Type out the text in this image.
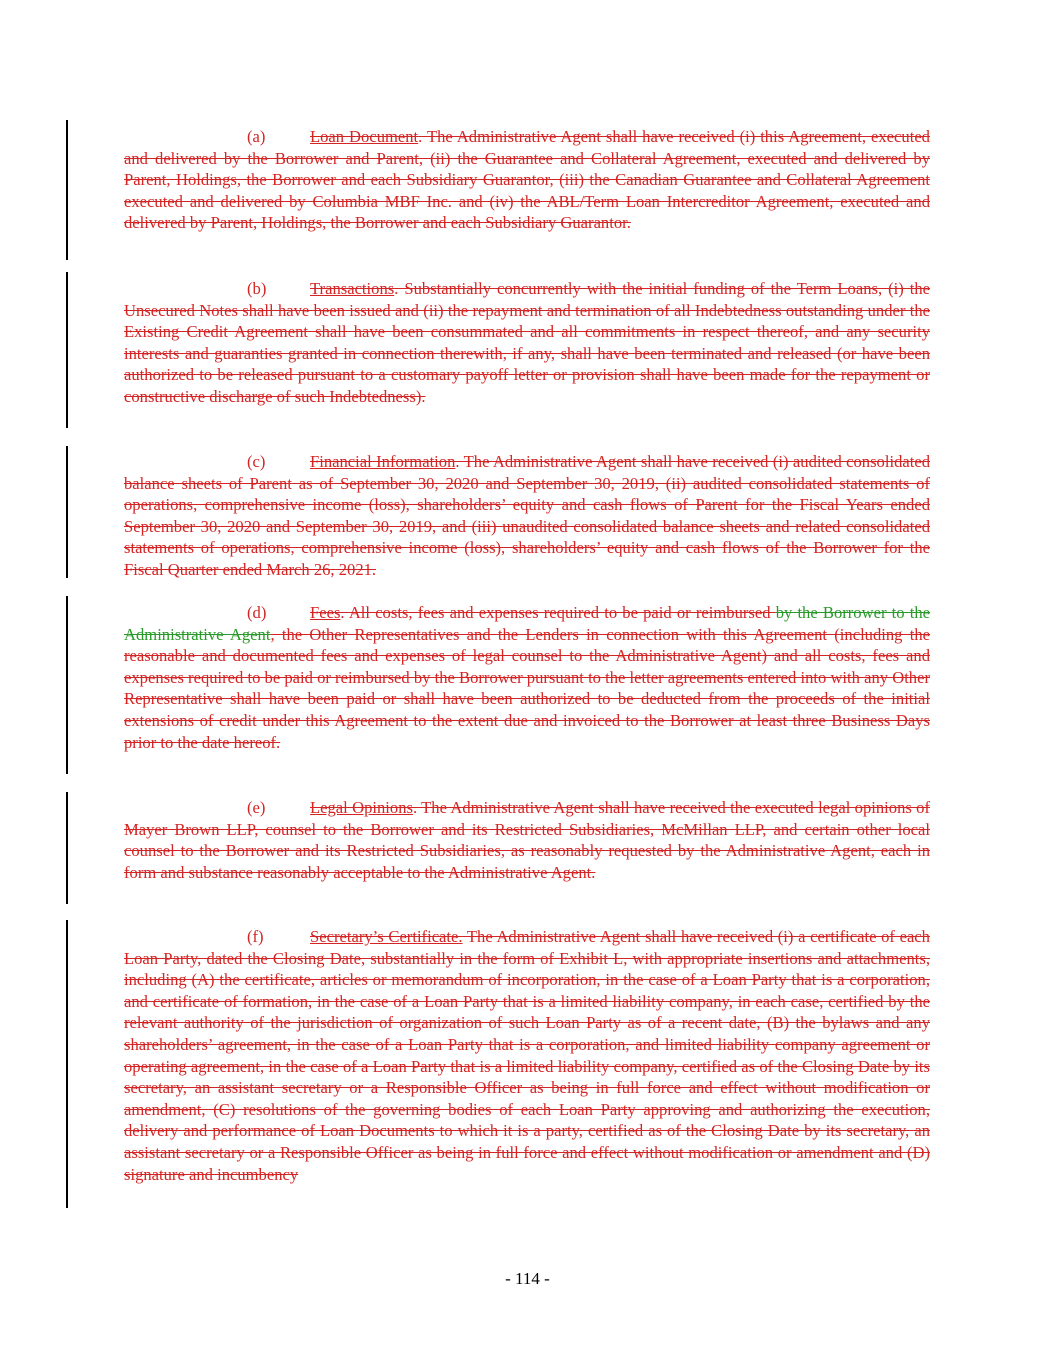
(a)	Loan Document. The Administrative Agent shall have received (i) this Agreement, executed and delivered by the Borrower and Parent, (ii) the Guarantee and Collateral Agreement, executed and delivered by Parent, Holdings, the Borrower and each Subsidiary Guarantor, (iii) the Canadian Guarantee and Collateral Agreement executed and delivered by Columbia MBF Inc. and (iv) the ABL/Term Loan Intercreditor Agreement, executed and delivered by Parent, Holdings, the Borrower and each Subsidiary Guarantor.

(b)	Transactions. Substantially concurrently with the initial funding of the Term Loans, (i) the Unsecured Notes shall have been issued and (ii) the repayment and termination of all Indebtedness outstanding under the Existing Credit Agreement shall have been consummated and all commitments in respect thereof, and any security interests and guaranties granted in connection therewith, if any, shall have been terminated and released (or have been authorized to be released pursuant to a customary payoff letter or provision shall have been made for the repayment or constructive discharge of such Indebtedness).

(c)	Financial Information. The Administrative Agent shall have received (i) audited consolidated balance sheets of Parent as of September 30, 2020 and September 30, 2019, (ii) audited consolidated statements of operations, comprehensive income (loss), shareholders’ equity and cash flows of Parent for the Fiscal Years ended September 30, 2020 and September 30, 2019, and (iii) unaudited consolidated balance sheets and related consolidated statements of operations, comprehensive income (loss), shareholders’ equity and cash flows of the Borrower for the Fiscal Quarter ended March 26, 2021.

(d)	Fees. All costs, fees and expenses required to be paid or reimbursed by the Borrower to the Administrative Agent, the Other Representatives and the Lenders in connection with this Agreement (including the reasonable and documented fees and expenses of legal counsel to the Administrative Agent) and all costs, fees and expenses required to be paid or reimbursed by the Borrower pursuant to the letter agreements entered into with any Other Representative shall have been paid or shall have been authorized to be deducted from the proceeds of the initial extensions of credit under this Agreement to the extent due and invoiced to the Borrower at least three Business Days prior to the date hereof.

(e)	Legal Opinions. The Administrative Agent shall have received the executed legal opinions of Mayer Brown LLP, counsel to the Borrower and its Restricted Subsidiaries, McMillan LLP, and certain other local counsel to the Borrower and its Restricted Subsidiaries, as reasonably requested by the Administrative Agent, each in form and substance reasonably acceptable to the Administrative Agent.

(f)	Secretary’s Certificate. The Administrative Agent shall have received (i) a certificate of each Loan Party, dated the Closing Date, substantially in the form of Exhibit L, with appropriate insertions and attachments, including (A) the certificate, articles or memorandum of incorporation, in the case of a Loan Party that is a corporation, and certificate of formation, in the case of a Loan Party that is a limited liability company, in each case, certified by the relevant authority of the jurisdiction of organization of such Loan Party as of a recent date, (B) the bylaws and any shareholders’ agreement, in the case of a Loan Party that is a corporation, and limited liability company agreement or operating agreement, in the case of a Loan Party that is a limited liability company, certified as of the Closing Date by its secretary, an assistant secretary or a Responsible Officer as being in full force and effect without modification or amendment, (C) resolutions of the governing bodies of each Loan Party approving and authorizing the execution, delivery and performance of Loan Documents to which it is a party, certified as of the Closing Date by its secretary, an assistant secretary or a Responsible Officer as being in full force and effect without modification or amendment and (D) signature and incumbency

- 114 -
